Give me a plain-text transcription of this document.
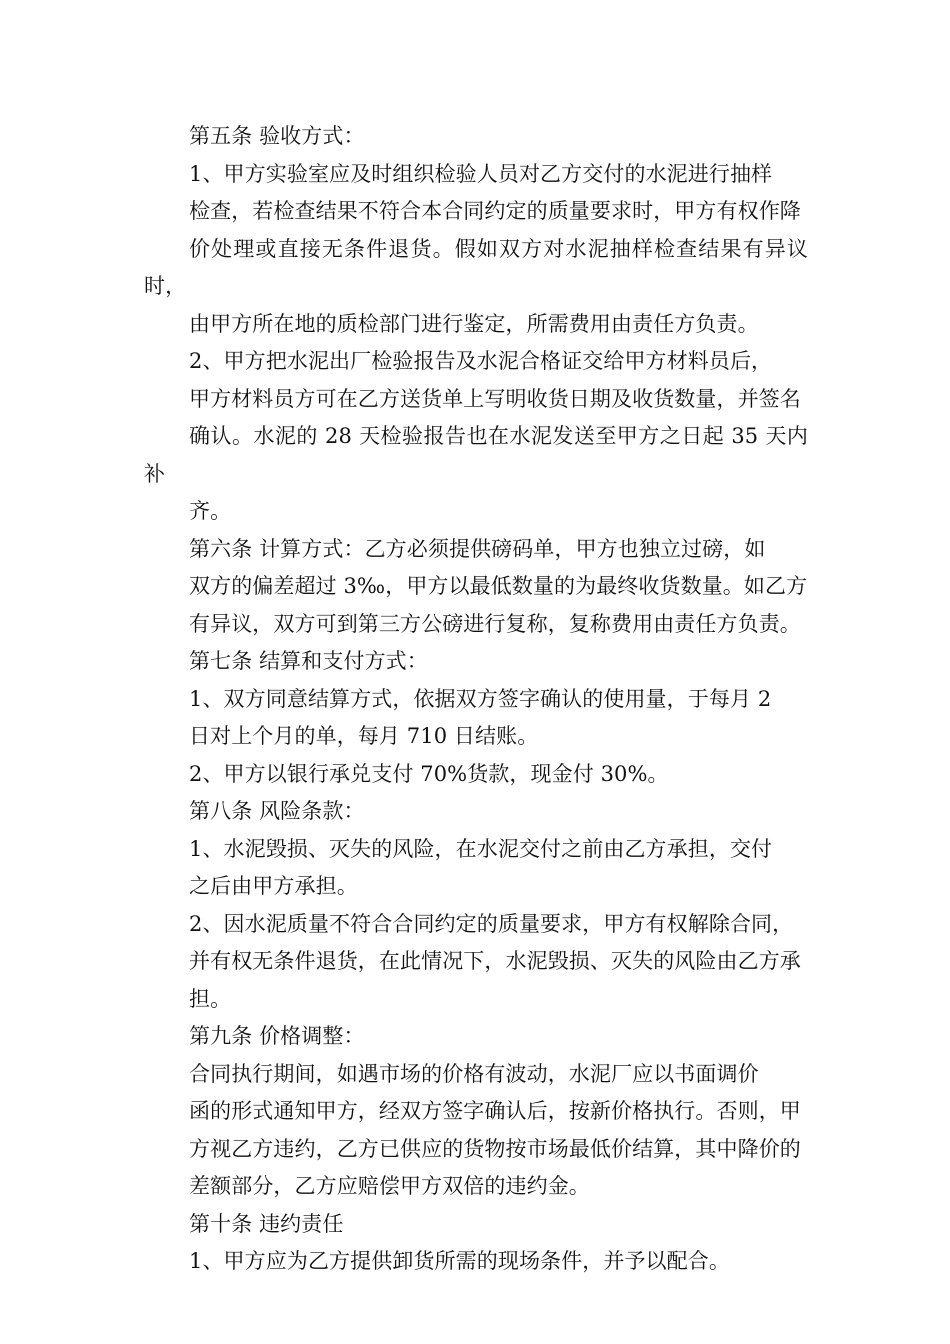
第五条 验收方式：

1、甲方实验室应及时组织检验人员对乙方交付的水泥进行抽样
检查，若检查结果不符合本合同约定的质量要求时，甲方有权作降
价处理或直接无条件退货。假如双方对水泥抽样检查结果有异议时，
由甲方所在地的质检部门进行鉴定，所需费用由责任方负责。

2、甲方把水泥出厂检验报告及水泥合格证交给甲方材料员后，
甲方材料员方可在乙方送货单上写明收货日期及收货数量，并签名
确认。水泥的 28 天检验报告也在水泥发送至甲方之日起 35 天内补
齐。

第六条 计算方式：乙方必须提供磅码单，甲方也独立过磅，如
双方的偏差超过 3‰，甲方以最低数量的为最终收货数量。如乙方
有异议，双方可到第三方公磅进行复称，复称费用由责任方负责。

第七条 结算和支付方式：

1、双方同意结算方式，依据双方签字确认的使用量，于每月 2
日对上个月的单，每月 710 日结账。

2、甲方以银行承兑支付 70%货款，现金付 30%。

第八条 风险条款：

1、水泥毁损、灭失的风险，在水泥交付之前由乙方承担，交付
之后由甲方承担。

2、因水泥质量不符合合同约定的质量要求，甲方有权解除合同，
并有权无条件退货，在此情况下，水泥毁损、灭失的风险由乙方承
担。

第九条 价格调整：

合同执行期间，如遇市场的价格有波动，水泥厂应以书面调价
函的形式通知甲方，经双方签字确认后，按新价格执行。否则，甲
方视乙方违约，乙方已供应的货物按市场最低价结算，其中降价的
差额部分，乙方应赔偿甲方双倍的违约金。

第十条 违约责任

1、甲方应为乙方提供卸货所需的现场条件，并予以配合。
